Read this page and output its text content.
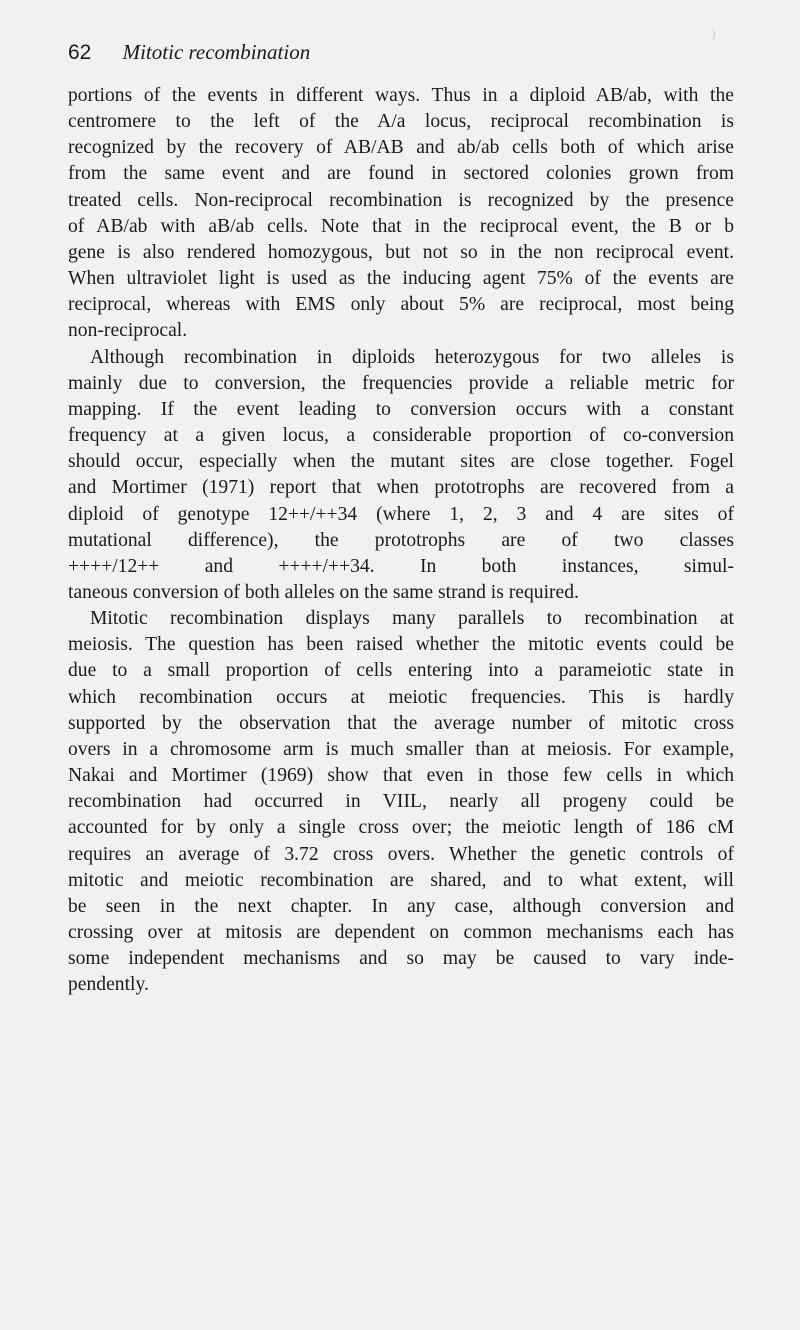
62 Mitotic recombination
portions of the events in different ways. Thus in a diploid AB/ab, with the
centromere to the left of the A/a locus, reciprocal recombination is
recognized by the recovery of AB/AB and ab/ab cells both of which arise
from the same event and are found in sectored colonies grown from
treated cells. Non-reciprocal recombination is recognized by the presence
of AB/ab with aB/ab cells. Note that in the reciprocal event, the B or b
gene is also rendered homozygous, but not so in the non reciprocal event.
When ultraviolet light is used as the inducing agent 75% of the events are
reciprocal, whereas with EMS only about 5% are reciprocal, most being
non-reciprocal.
Although recombination in diploids heterozygous for two alleles is
mainly due to conversion, the frequencies provide a reliable metric for
mapping. If the event leading to conversion occurs with a constant
frequency at a given locus, a considerable proportion of co-conversion
should occur, especially when the mutant sites are close together. Fogel
and Mortimer (1971) report that when prototrophs are recovered from a
diploid of genotype 12++/++34 (where 1, 2, 3 and 4 are sites of
mutational difference), the prototrophs are of two classes
++++/12++ and ++++/++34. In both instances, simul-
taneous conversion of both alleles on the same strand is required.
Mitotic recombination displays many parallels to recombination at
meiosis. The question has been raised whether the mitotic events could be
due to a small proportion of cells entering into a parameiotic state in
which recombination occurs at meiotic frequencies. This is hardly
supported by the observation that the average number of mitotic cross
overs in a chromosome arm is much smaller than at meiosis. For example,
Nakai and Mortimer (1969) show that even in those few cells in which
recombination had occurred in VIIL, nearly all progeny could be
accounted for by only a single cross over; the meiotic length of 186 cM
requires an average of 3.72 cross overs. Whether the genetic controls of
mitotic and meiotic recombination are shared, and to what extent, will
be seen in the next chapter. In any case, although conversion and
crossing over at mitosis are dependent on common mechanisms each has
some independent mechanisms and so may be caused to vary inde-
pendently.
